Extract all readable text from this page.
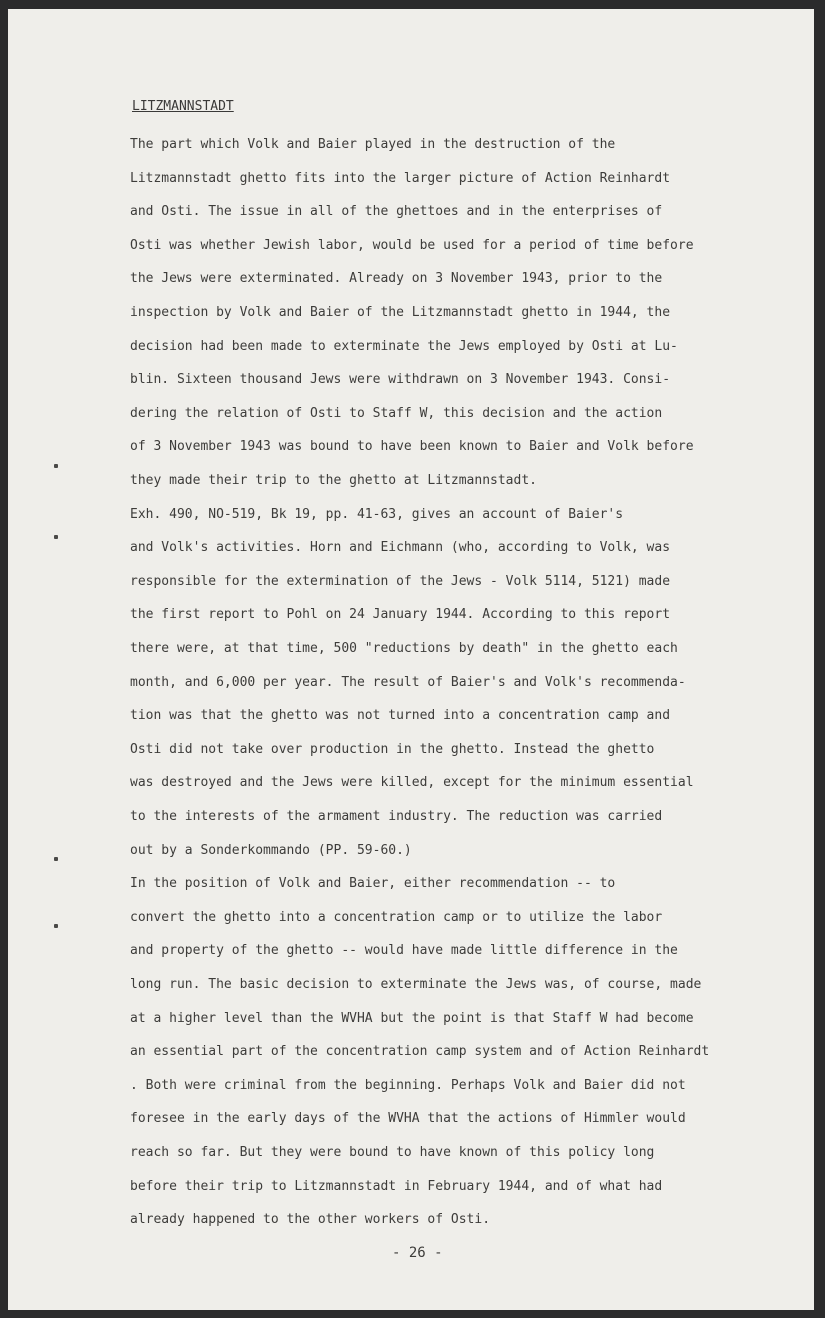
LITZMANNSTADT
The part which Volk and Baier played in the destruction of the
Litzmannstadt ghetto fits into the larger picture of Action Reinhardt
and Osti. The issue in all of the ghettoes and in the enterprises of
Osti was whether Jewish labor, would be used for a period of time before
the Jews were exterminated. Already on 3 November 1943, prior to the
inspection by Volk and Baier of the Litzmannstadt ghetto in 1944, the
decision had been made to exterminate the Jews employed by Osti at Lu-
blin. Sixteen thousand Jews were withdrawn on 3 November 1943. Consi-
dering the relation of Osti to Staff W, this decision and the action
of 3 November 1943 was bound to have been known to Baier and Volk before
they made their trip to the ghetto at Litzmannstadt.
Exh. 490, NO-519, Bk 19, pp. 41-63, gives an account of Baier's
and Volk's activities. Horn and Eichmann (who, according to Volk, was
responsible for the extermination of the Jews - Volk 5114, 5121) made
the first report to Pohl on 24 January 1944. According to this report
there were, at that time, 500 "reductions by death" in the ghetto each
month, and 6,000 per year. The result of Baier's and Volk's recommenda-
tion was that the ghetto was not turned into a concentration camp and
Osti did not take over production in the ghetto. Instead the ghetto
was destroyed and the Jews were killed, except for the minimum essential
to the interests of the armament industry. The reduction was carried
out by a Sonderkommando (PP. 59-60.)
In the position of Volk and Baier, either recommendation -- to
convert the ghetto into a concentration camp or to utilize the labor
and property of the ghetto -- would have made little difference in the
long run. The basic decision to exterminate the Jews was, of course, made
at a higher level than the WVHA but the point is that Staff W had become
an essential part of the concentration camp system and of Action Reinhardt
. Both were criminal from the beginning. Perhaps Volk and Baier did not
foresee in the early days of the WVHA that the actions of Himmler would
reach so far. But they were bound to have known of this policy long
before their trip to Litzmannstadt in February 1944, and of what had
already happened to the other workers of Osti.
- 26 -
